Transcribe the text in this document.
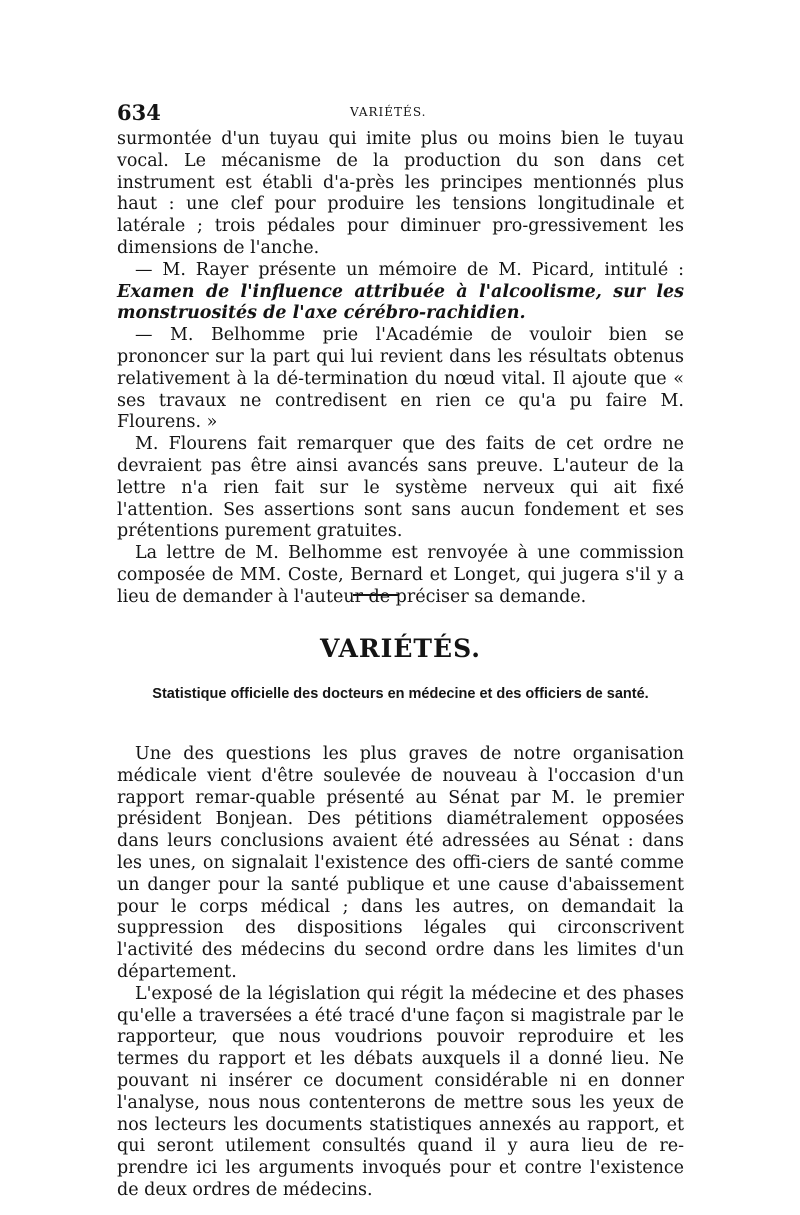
634	VARIÉTÉS.

surmontée d'un tuyau qui imite plus ou moins bien le tuyau vocal. Le mécanisme de la production du son dans cet instrument est établi d'a-près les principes mentionnés plus haut : une clef pour produire les tensions longitudinale et latérale ; trois pédales pour diminuer pro-gressivement les dimensions de l'anche.

— M. Rayer présente un mémoire de M. Picard, intitulé : Examen de l'influence attribuée à l'alcoolisme, sur les monstruosités de l'axe cérébro-rachidien.

— M. Belhomme prie l'Académie de vouloir bien se prononcer sur la part qui lui revient dans les résultats obtenus relativement à la dé-termination du nœud vital. Il ajoute que « ses travaux ne contredisent en rien ce qu'a pu faire M. Flourens. »

M. Flourens fait remarquer que des faits de cet ordre ne devraient pas être ainsi avancés sans preuve. L'auteur de la lettre n'a rien fait sur le système nerveux qui ait fixé l'attention. Ses assertions sont sans aucun fondement et ses prétentions purement gratuites.

La lettre de M. Belhomme est renvoyée à une commission composée de MM. Coste, Bernard et Longet, qui jugera s'il y a lieu de demander à l'auteur de préciser sa demande.

VARIÉTÉS.
Statistique officielle des docteurs en médecine et des officiers de santé.

Une des questions les plus graves de notre organisation médicale vient d'être soulevée de nouveau à l'occasion d'un rapport remar-quable présenté au Sénat par M. le premier président Bonjean. Des pétitions diamétralement opposées dans leurs conclusions avaient été adressées au Sénat : dans les unes, on signalait l'existence des offi-ciers de santé comme un danger pour la santé publique et une cause d'abaissement pour le corps médical ; dans les autres, on demandait la suppression des dispositions légales qui circonscrivent l'activité des médecins du second ordre dans les limites d'un département.

L'exposé de la législation qui régit la médecine et des phases qu'elle a traversées a été tracé d'une façon si magistrale par le rapporteur, que nous voudrions pouvoir reproduire et les termes du rapport et les débats auxquels il a donné lieu. Ne pouvant ni insérer ce document considérable ni en donner l'analyse, nous nous contenterons de mettre sous les yeux de nos lecteurs les documents statistiques annexés au rapport, et qui seront utilement consultés quand il y aura lieu de re-prendre ici les arguments invoqués pour et contre l'existence de deux ordres de médecins.
